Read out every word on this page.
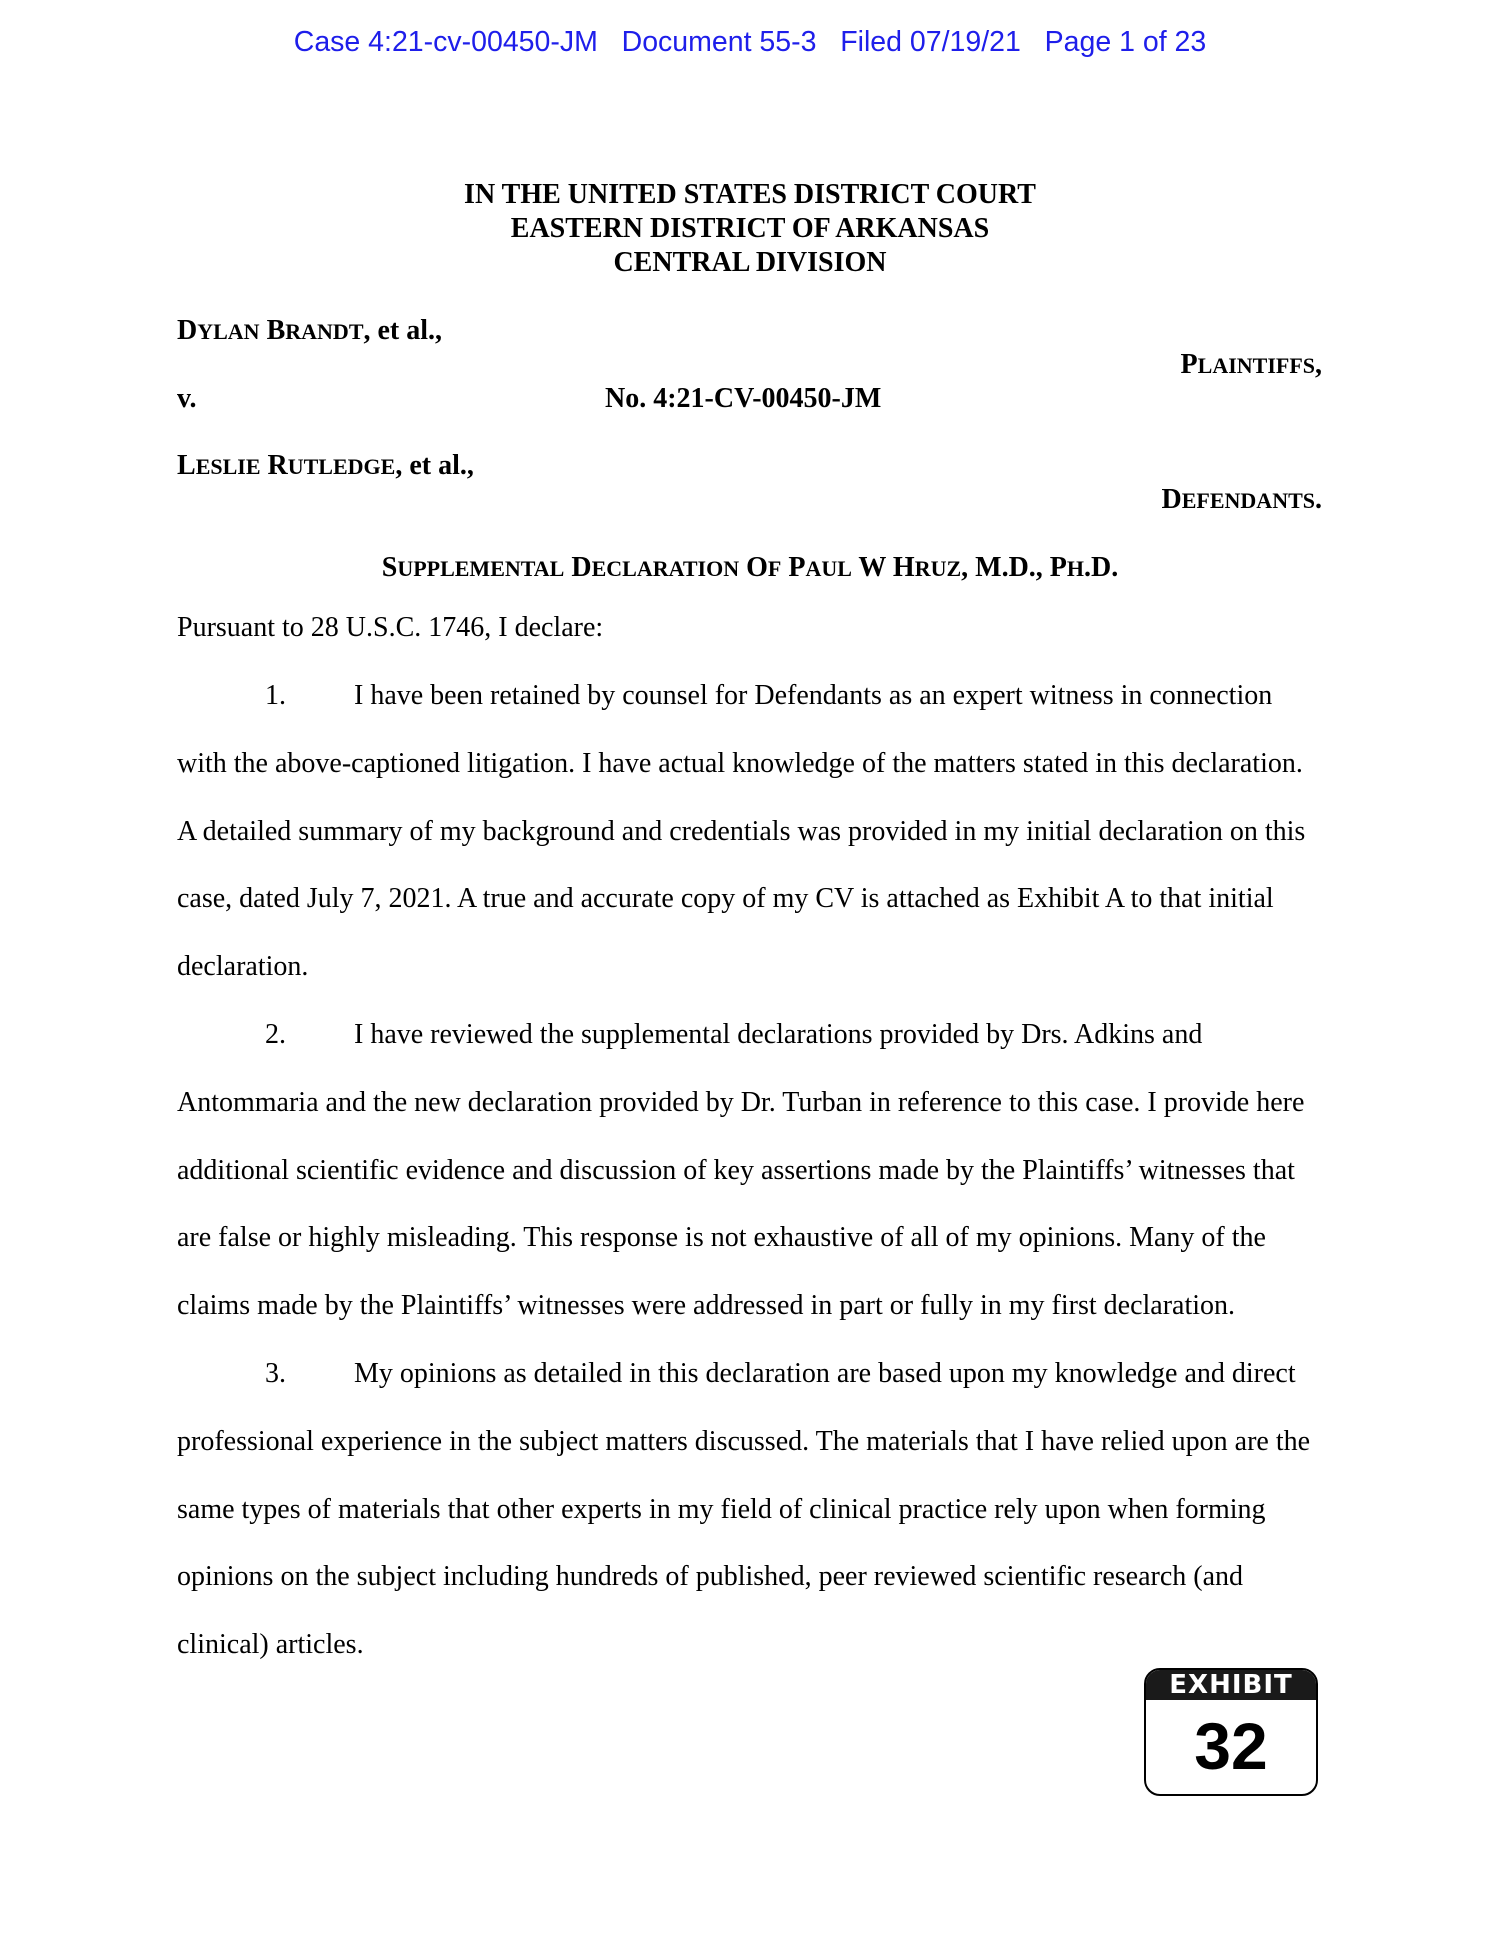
Case 4:21-cv-00450-JM   Document 55-3   Filed 07/19/21   Page 1 of 23
IN THE UNITED STATES DISTRICT COURT
EASTERN DISTRICT OF ARKANSAS
CENTRAL DIVISION
DYLAN BRANDT, et al.,
PLAINTIFFS,
v.	No. 4:21-CV-00450-JM
LESLIE RUTLEDGE, et al.,
DEFENDANTS.
SUPPLEMENTAL DECLARATION OF PAUL W HRUZ, M.D., PH.D.
Pursuant to 28 U.S.C. 1746, I declare:

1. I have been retained by counsel for Defendants as an expert witness in connection with the above-captioned litigation. I have actual knowledge of the matters stated in this declaration. A detailed summary of my background and credentials was provided in my initial declaration on this case, dated July 7, 2021. A true and accurate copy of my CV is attached as Exhibit A to that initial declaration.

2. I have reviewed the supplemental declarations provided by Drs. Adkins and Antommaria and the new declaration provided by Dr. Turban in reference to this case. I provide here additional scientific evidence and discussion of key assertions made by the Plaintiffs’ witnesses that are false or highly misleading. This response is not exhaustive of all of my opinions. Many of the claims made by the Plaintiffs’ witnesses were addressed in part or fully in my first declaration.

3. My opinions as detailed in this declaration are based upon my knowledge and direct professional experience in the subject matters discussed. The materials that I have relied upon are the same types of materials that other experts in my field of clinical practice rely upon when forming opinions on the subject including hundreds of published, peer reviewed scientific research (and clinical) articles.

EXHIBIT
32
